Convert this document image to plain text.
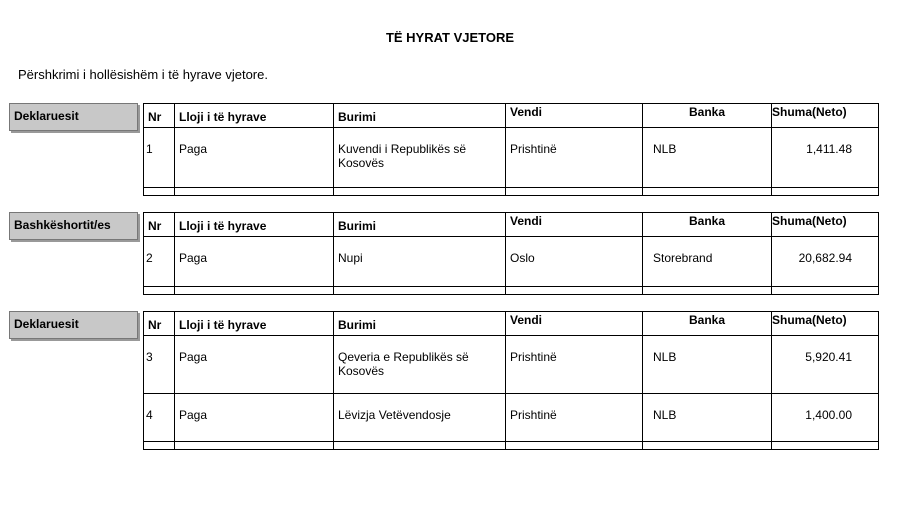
TË HYRAT VJETORE
Përshkrimi i hollësishëm i të hyrave vjetore.
Deklaruesit	Nr	Lloji i të hyrave	Burimi	Vendi	Banka	Shuma(Neto)
1	Paga	Kuvendi i Republikës së Kosovës	Prishtinë	NLB	1,411.48

Bashkëshortit/es	Nr	Lloji i të hyrave	Burimi	Vendi	Banka	Shuma(Neto)
2	Paga	Nupi	Oslo	Storebrand	20,682.94

Deklaruesit	Nr	Lloji i të hyrave	Burimi	Vendi	Banka	Shuma(Neto)
3	Paga	Qeveria e Republikës së Kosovës	Prishtinë	NLB	5,920.41
4	Paga	Lëvizja Vetëvendosje	Prishtinë	NLB	1,400.00
